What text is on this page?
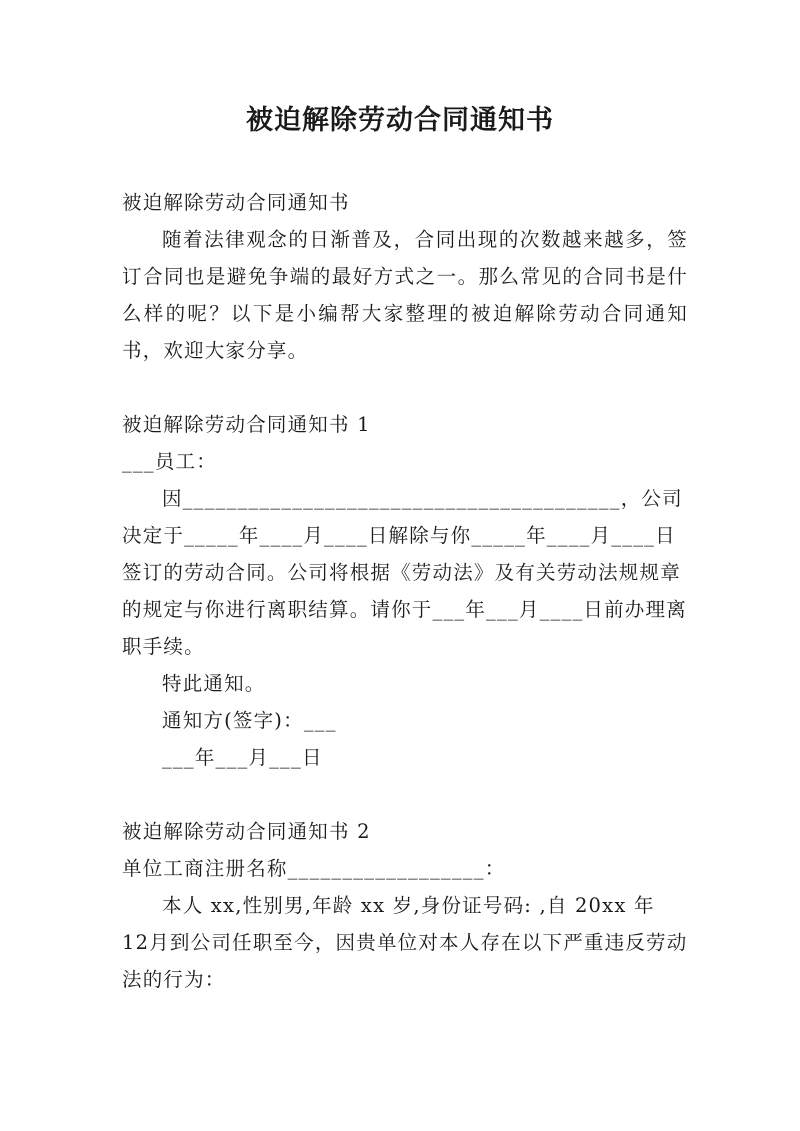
被迫解除劳动合同通知书

被迫解除劳动合同通知书

随着法律观念的日渐普及，合同出现的次数越来越多，签订合同也是避免争端的最好方式之一。那么常见的合同书是什么样的呢？以下是小编帮大家整理的被迫解除劳动合同通知书，欢迎大家分享。

被迫解除劳动合同通知书 1

___员工：

因________________________________________，公司决定于_____年____月____日解除与你_____年____月____日签订的劳动合同。公司将根据《劳动法》及有关劳动法规规章的规定与你进行离职结算。请你于___年___月____日前办理离职手续。

特此通知。

通知方(签字)：___

___年___月___日

被迫解除劳动合同通知书 2

单位工商注册名称__________________：

本人 xx,性别男,年龄 xx 岁,身份证号码: ,自 20xx 年 12月到公司任职至今，因贵单位对本人存在以下严重违反劳动法的行为：
